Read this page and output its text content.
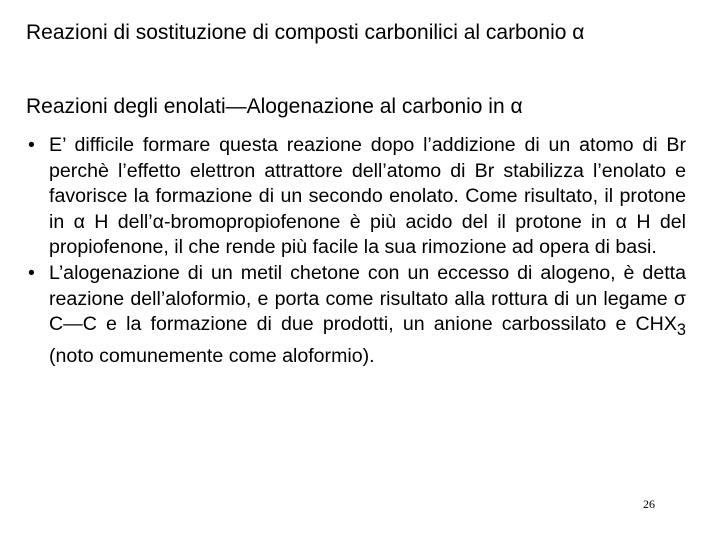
Reazioni di sostituzione di composti carbonilici al carbonio α
Reazioni degli enolati—Alogenazione al carbonio in α
• E’ difficile formare questa reazione dopo l’addizione di un atomo di Br perchè l’effetto elettron attrattore dell’atomo di Br stabilizza l’enolato e favorisce la formazione di un secondo enolato. Come risultato, il protone in α H dell’α-bromopropiofenone è più acido del il protone in α H del propiofenone, il che rende più facile la sua rimozione ad opera di basi.
• L’alogenazione di un metil chetone con un eccesso di alogeno, è detta reazione dell’aloformio, e porta come risultato alla rottura di un legame σ C—C e la formazione di due prodotti, un anione carbossilato e $CHX_3$ (noto comunemente come aloformio).
26
